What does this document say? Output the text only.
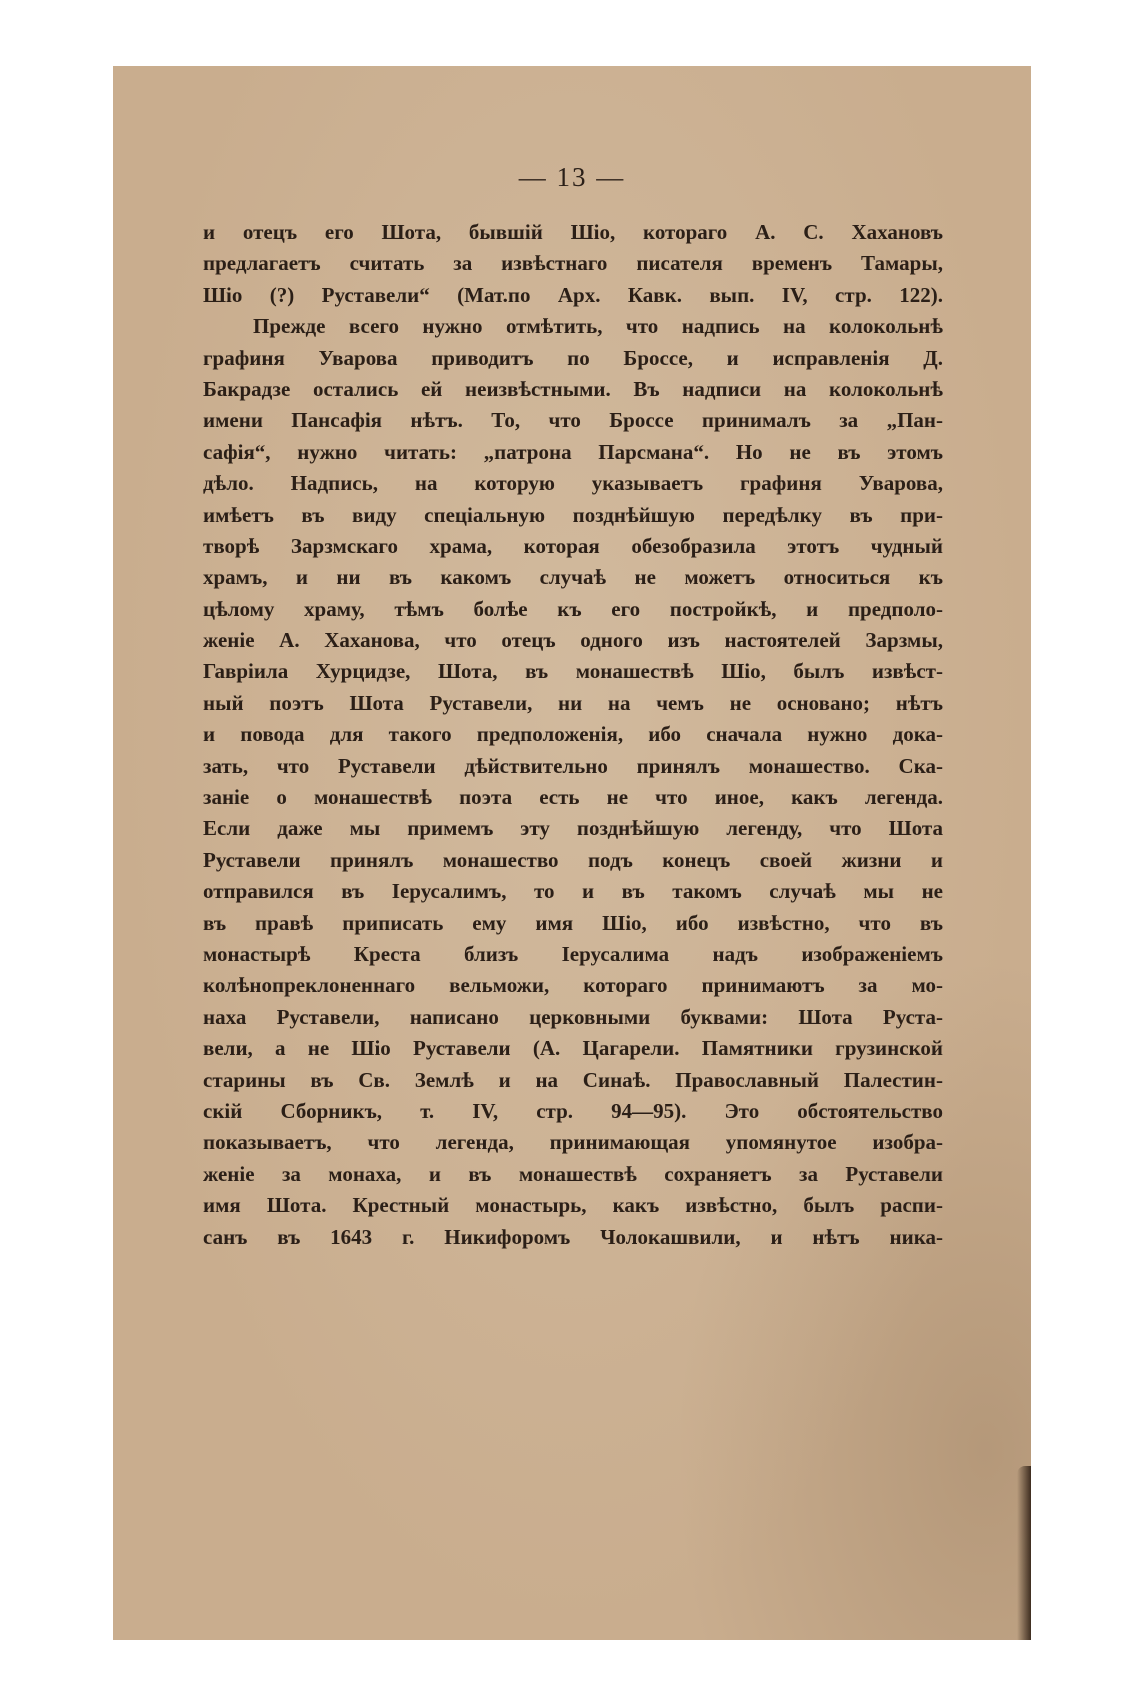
— 13 —
и отецъ его Шота, бывшій Шіо, котораго А. С. Хахановъ
предлагаетъ считать за извѣстнаго писателя временъ Тамары,
Шіо (?) Руставели“ (Мат.по Арх. Кавк. вып. IV, стр. 122).
Прежде всего нужно отмѣтить, что надпись на колокольнѣ
графиня Уварова приводитъ по Броссе, и исправленія Д.
Бакрадзе остались ей неизвѣстными. Въ надписи на колокольнѣ
имени Пансафія нѣтъ. То, что Броссе принималъ за „Пан-
сафія“, нужно читать: „патрона Парсмана“. Но не въ этомъ
дѣло. Надпись, на которую указываетъ графиня Уварова,
имѣетъ въ виду спеціальную позднѣйшую передѣлку въ при-
творѣ Зарзмскаго храма, которая обезобразила этотъ чудный
храмъ, и ни въ какомъ случаѣ не можетъ относиться къ
цѣлому храму, тѣмъ болѣе къ его постройкѣ, и предполо-
женіе А. Хаханова, что отецъ одного изъ настоятелей Зарзмы,
Гавріила Хурцидзе, Шота, въ монашествѣ Шіо, былъ извѣст-
ный поэтъ Шота Руставели, ни на чемъ не основано; нѣтъ
и повода для такого предположенія, ибо сначала нужно дока-
зать, что Руставели дѣйствительно принялъ монашество. Ска-
заніе о монашествѣ поэта есть не что иное, какъ легенда.
Если даже мы примемъ эту позднѣйшую легенду, что Шота
Руставели принялъ монашество подъ конецъ своей жизни и
отправился въ Іерусалимъ, то и въ такомъ случаѣ мы не
въ правѣ приписать ему имя Шіо, ибо извѣстно, что въ
монастырѣ Креста близъ Іерусалима надъ изображеніемъ
колѣнопреклоненнаго вельможи, котораго принимаютъ за мо-
наха Руставели, написано церковными буквами: Шота Руста-
вели, а не Шіо Руставели (А. Цагарели. Памятники грузинской
старины въ Св. Землѣ и на Синаѣ. Православный Палестин-
скій Сборникъ, т. IV, стр. 94—95). Это обстоятельство
показываетъ, что легенда, принимающая упомянутое изобра-
женіе за монаха, и въ монашествѣ сохраняетъ за Руставели
имя Шота. Крестный монастырь, какъ извѣстно, былъ распи-
санъ въ 1643 г. Никифоромъ Чолокашвили, и нѣтъ ника-
